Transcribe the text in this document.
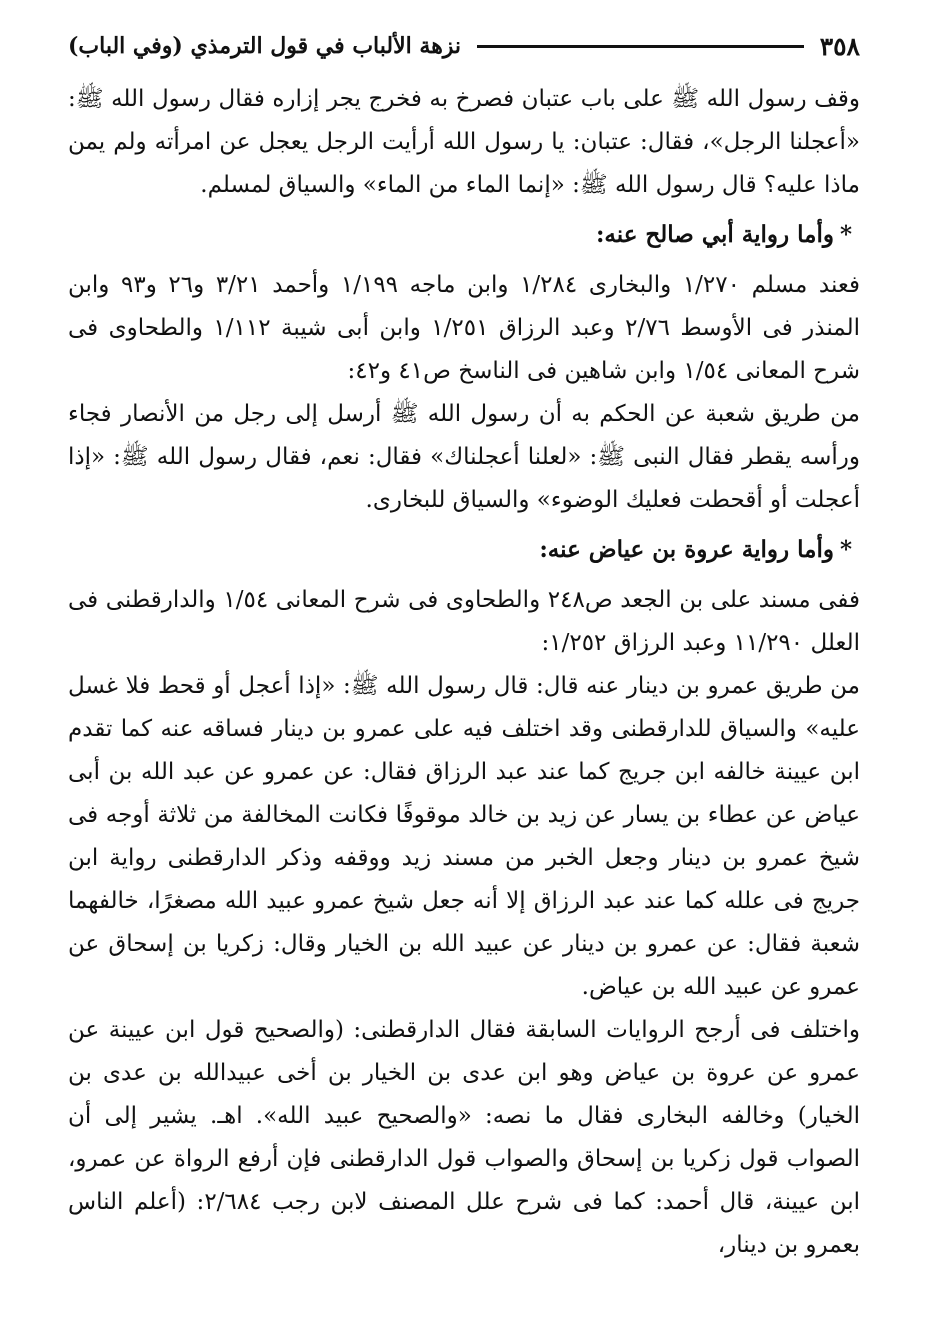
٣٥٨
نزهة الألباب في قول الترمذي (وفي الباب)

وقف رسول الله ﷺ على باب عتبان فصرخ به فخرج يجر إزاره فقال رسول الله ﷺ: «أعجلنا الرجل»، فقال: عتبان: يا رسول الله أرأيت الرجل يعجل عن امرأته ولم يمن ماذا عليه؟ قال رسول الله ﷺ: «إنما الماء من الماء» والسياق لمسلم.

*وأما رواية أبي صالح عنه:

فعند مسلم ١/٢٧٠ والبخارى ١/٢٨٤ وابن ماجه ١/١٩٩ وأحمد ٣/٢١ و٢٦ و٩٣ وابن المنذر فى الأوسط ٢/٧٦ وعبد الرزاق ١/٢٥١ وابن أبى شيبة ١/١١٢ والطحاوى فى شرح المعانى ١/٥٤ وابن شاهين فى الناسخ ص٤١ و٤٢:

من طريق شعبة عن الحكم به أن رسول الله ﷺ أرسل إلى رجل من الأنصار فجاء ورأسه يقطر فقال النبى ﷺ: «لعلنا أعجلناك» فقال: نعم، فقال رسول الله ﷺ: «إذا أعجلت أو أقحطت فعليك الوضوء» والسياق للبخارى.

*وأما رواية عروة بن عياض عنه:

ففى مسند على بن الجعد ص٢٤٨ والطحاوى فى شرح المعانى ١/٥٤ والدارقطنى فى العلل ١١/٢٩٠ وعبد الرزاق ١/٢٥٢:

من طريق عمرو بن دينار عنه قال: قال رسول الله ﷺ: «إذا أعجل أو قحط فلا غسل عليه» والسياق للدارقطنى وقد اختلف فيه على عمرو بن دينار فساقه عنه كما تقدم ابن عيينة خالفه ابن جريج كما عند عبد الرزاق فقال: عن عمرو عن عبد الله بن أبى عياض عن عطاء بن يسار عن زيد بن خالد موقوفًا فكانت المخالفة من ثلاثة أوجه فى شيخ عمرو بن دينار وجعل الخبر من مسند زيد ووقفه وذكر الدارقطنى رواية ابن جريج فى علله كما عند عبد الرزاق إلا أنه جعل شيخ عمرو عبيد الله مصغرًا، خالفهما شعبة فقال: عن عمرو بن دينار عن عبيد الله بن الخيار وقال: زكريا بن إسحاق عن عمرو عن عبيد الله بن عياض.

واختلف فى أرجح الروايات السابقة فقال الدارقطنى: (والصحيح قول ابن عيينة عن عمرو عن عروة بن عياض وهو ابن عدى بن الخيار بن أخى عبيدالله بن عدى بن الخيار) وخالفه البخارى فقال ما نصه: «والصحيح عبيد الله». اهـ. يشير إلى أن الصواب قول زكريا بن إسحاق والصواب قول الدارقطنى فإن أرفع الرواة عن عمرو، ابن عيينة، قال أحمد: كما فى شرح علل المصنف لابن رجب ٢/٦٨٤: (أعلم الناس بعمرو بن دينار،
